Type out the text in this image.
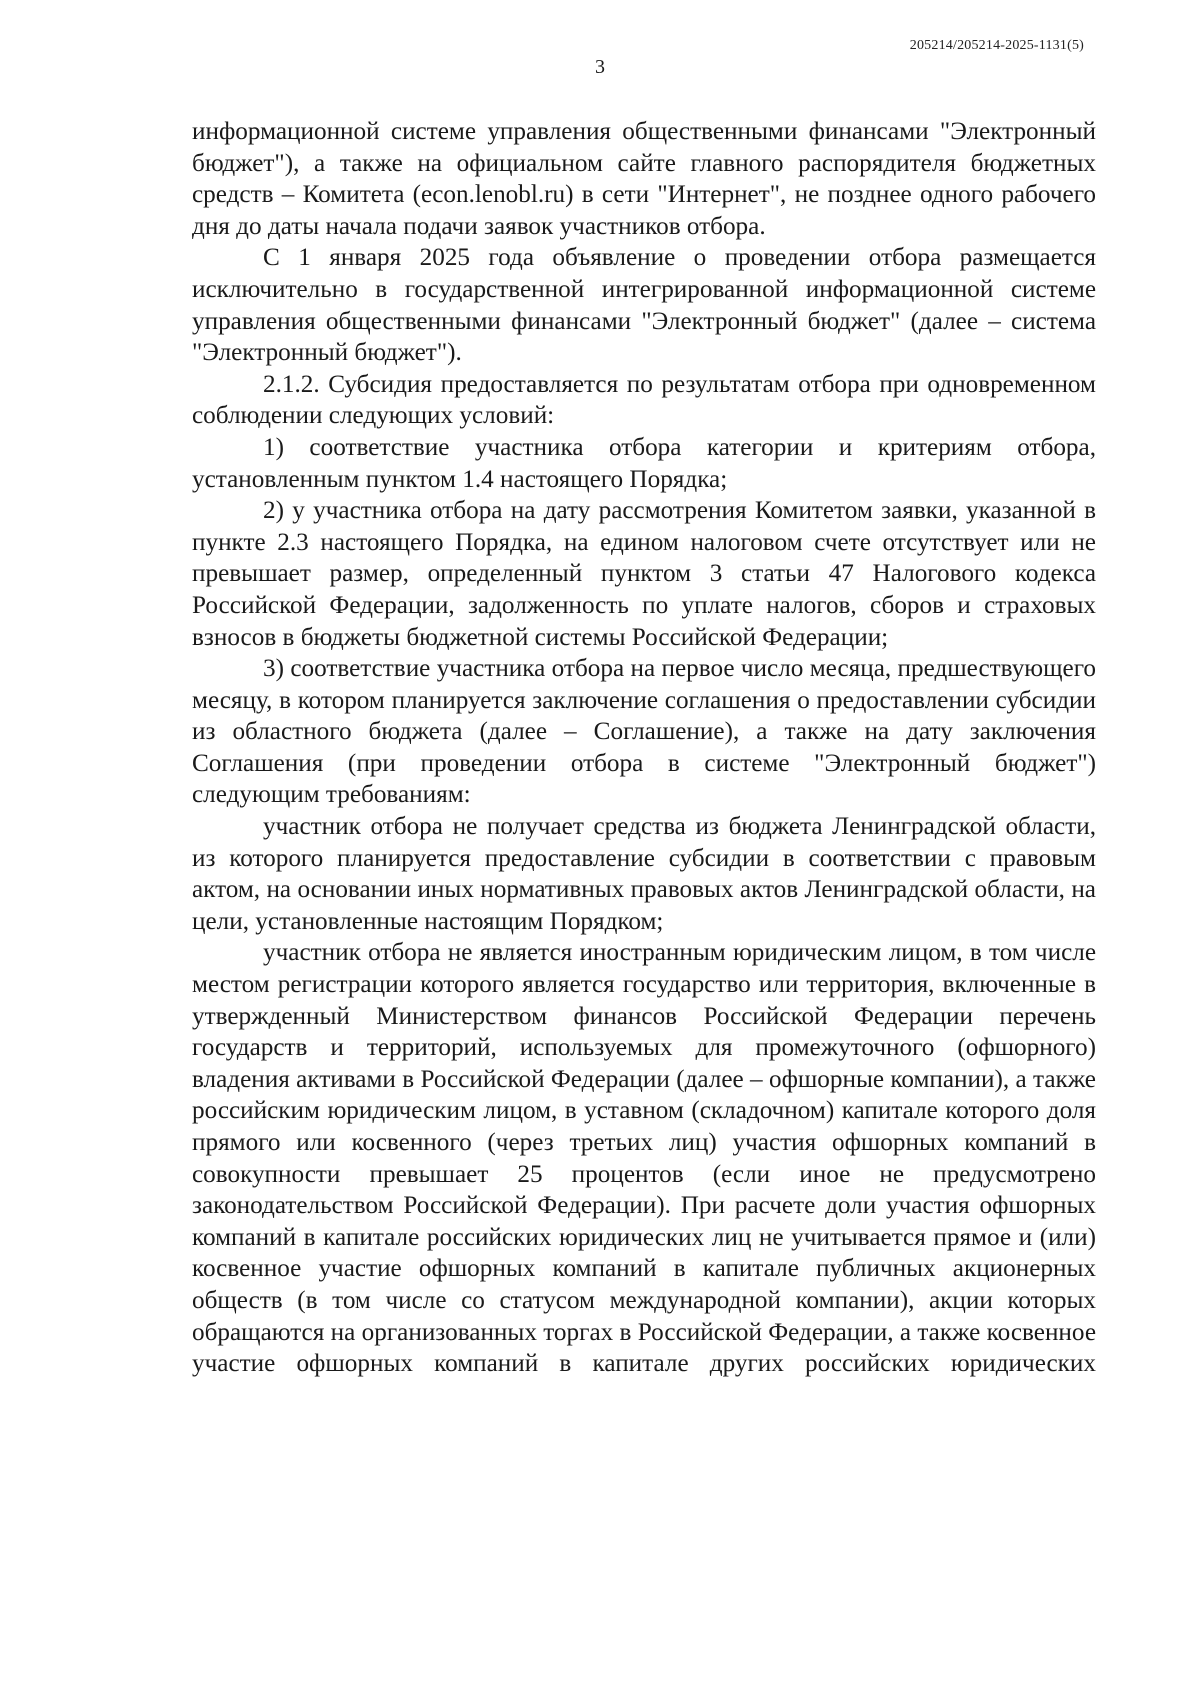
205214/205214-2025-1131(5)
3

информационной системе управления общественными финансами "Электронный бюджет"), а также на официальном сайте главного распорядителя бюджетных средств – Комитета (econ.lenobl.ru) в сети "Интернет", не позднее одного рабочего дня до даты начала подачи заявок участников отбора.

С 1 января 2025 года объявление о проведении отбора размещается исключительно в государственной интегрированной информационной системе управления общественными финансами "Электронный бюджет" (далее – система "Электронный бюджет").

2.1.2. Субсидия предоставляется по результатам отбора при одновременном соблюдении следующих условий:

1) соответствие участника отбора категории и критериям отбора, установленным пунктом 1.4 настоящего Порядка;

2) у участника отбора на дату рассмотрения Комитетом заявки, указанной в пункте 2.3 настоящего Порядка, на едином налоговом счете отсутствует или не превышает размер, определенный пунктом 3 статьи 47 Налогового кодекса Российской Федерации, задолженность по уплате налогов, сборов и страховых взносов в бюджеты бюджетной системы Российской Федерации;

3) соответствие участника отбора на первое число месяца, предшествующего месяцу, в котором планируется заключение соглашения о предоставлении субсидии из областного бюджета (далее – Соглашение), а также на дату заключения Соглашения (при проведении отбора в системе "Электронный бюджет") следующим требованиям:

участник отбора не получает средства из бюджета Ленинградской области, из которого планируется предоставление субсидии в соответствии с правовым актом, на основании иных нормативных правовых актов Ленинградской области, на цели, установленные настоящим Порядком;

участник отбора не является иностранным юридическим лицом, в том числе местом регистрации которого является государство или территория, включенные в утвержденный Министерством финансов Российской Федерации перечень государств и территорий, используемых для промежуточного (офшорного) владения активами в Российской Федерации (далее – офшорные компании), а также российским юридическим лицом, в уставном (складочном) капитале которого доля прямого или косвенного (через третьих лиц) участия офшорных компаний в совокупности превышает 25 процентов (если иное не предусмотрено законодательством Российской Федерации). При расчете доли участия офшорных компаний в капитале российских юридических лиц не учитывается прямое и (или) косвенное участие офшорных компаний в капитале публичных акционерных обществ (в том числе со статусом международной компании), акции которых обращаются на организованных торгах в Российской Федерации, а также косвенное участие офшорных компаний в капитале других российских юридических
